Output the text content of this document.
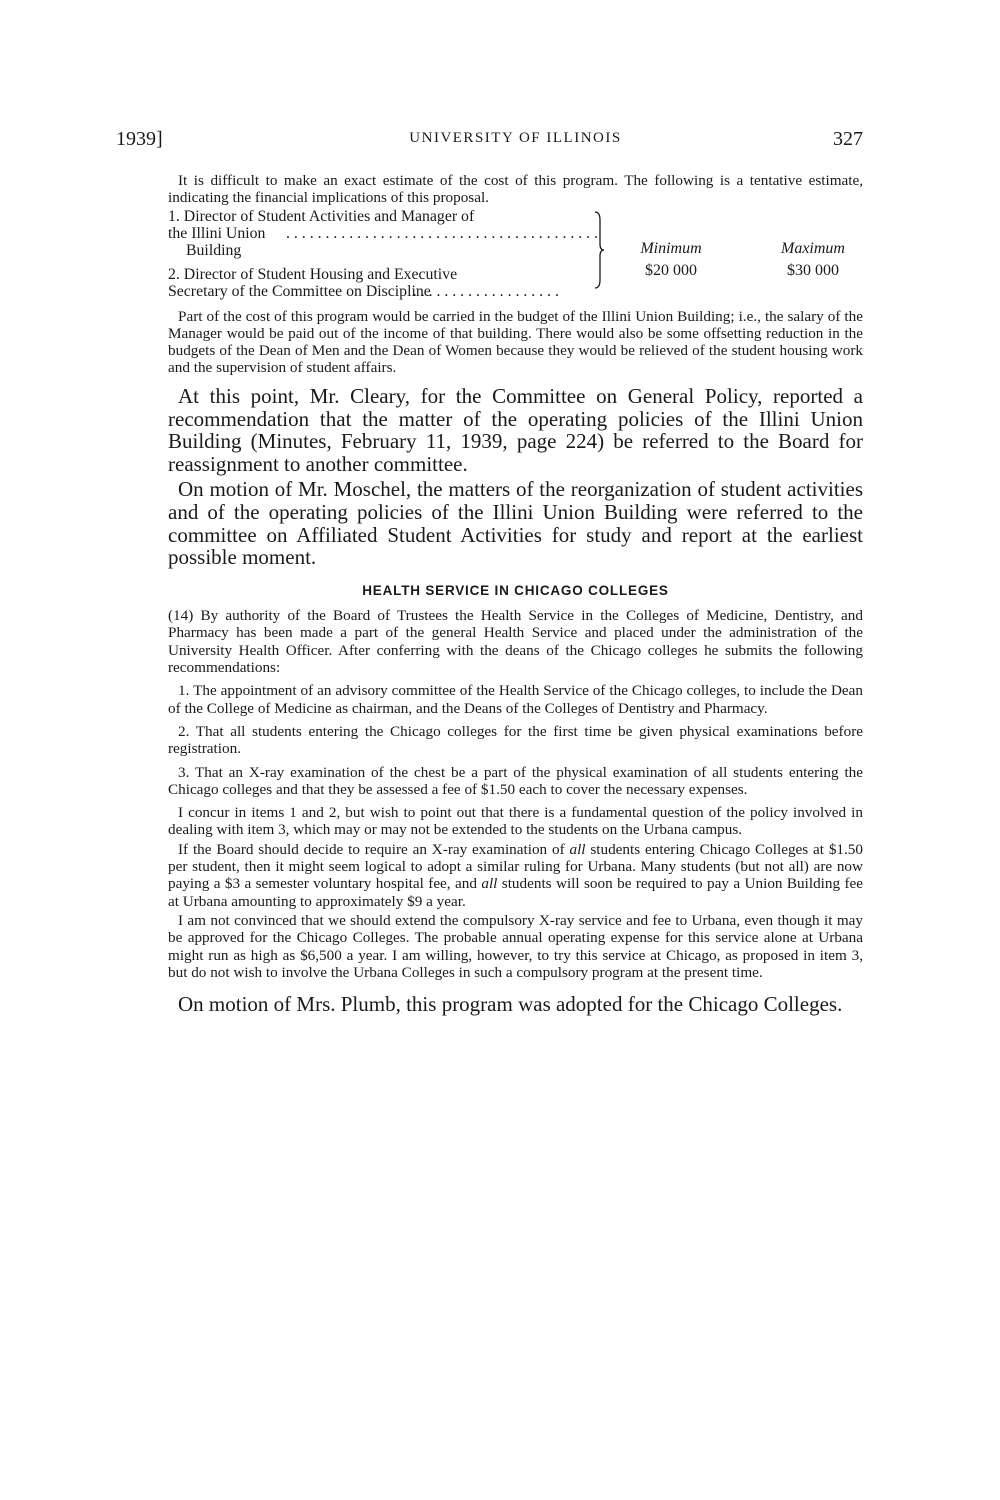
1939]	UNIVERSITY OF ILLINOIS	327

It is difficult to make an exact estimate of the cost of this program. The following is a tentative estimate, indicating the financial implications of this proposal.

1. Director of Student Activities and Manager of

the Illini Union Building
. . . . . . . . . . . . . . . . . . . . . . . . . . . . . . . . . . . . . . . .

2. Director of Student Housing and Executive

Secretary of the Committee on Discipline
. . . . . . . . . . . . . . . . . . .

Minimum
$20 000
Maximum
$30 000

Part of the cost of this program would be carried in the budget of the Illini Union Building; i.e., the salary of the Manager would be paid out of the income of that building. There would also be some offsetting reduction in the budgets of the Dean of Men and the Dean of Women because they would be relieved of the student housing work and the supervision of student affairs.

At this point, Mr. Cleary, for the Committee on General Policy, reported a recommendation that the matter of the operating policies of the Illini Union Building (Minutes, February 11, 1939, page 224) be referred to the Board for reassignment to another committee.

On motion of Mr. Moschel, the matters of the reorganization of student activities and of the operating policies of the Illini Union Building were referred to the committee on Affiliated Student Activities for study and report at the earliest possible moment.

HEALTH SERVICE IN CHICAGO COLLEGES

(14) By authority of the Board of Trustees the Health Service in the Colleges of Medicine, Dentistry, and Pharmacy has been made a part of the general Health Service and placed under the administration of the University Health Officer. After conferring with the deans of the Chicago colleges he submits the following recommendations:

1. The appointment of an advisory committee of the Health Service of the Chicago colleges, to include the Dean of the College of Medicine as chairman, and the Deans of the Colleges of Dentistry and Pharmacy.

2. That all students entering the Chicago colleges for the first time be given physical examinations before registration.

3. That an X-ray examination of the chest be a part of the physical examination of all students entering the Chicago colleges and that they be assessed a fee of $1.50 each to cover the necessary expenses.

I concur in items 1 and 2, but wish to point out that there is a fundamental question of the policy involved in dealing with item 3, which may or may not be extended to the students on the Urbana campus.

If the Board should decide to require an X-ray examination of all students entering Chicago Colleges at $1.50 per student, then it might seem logical to adopt a similar ruling for Urbana. Many students (but not all) are now paying a $3 a semester voluntary hospital fee, and all students will soon be required to pay a Union Building fee at Urbana amounting to approximately $9 a year.

I am not convinced that we should extend the compulsory X-ray service and fee to Urbana, even though it may be approved for the Chicago Colleges. The probable annual operating expense for this service alone at Urbana might run as high as $6,500 a year. I am willing, however, to try this service at Chicago, as proposed in item 3, but do not wish to involve the Urbana Colleges in such a compulsory program at the present time.

On motion of Mrs. Plumb, this program was adopted for the Chicago Colleges.
